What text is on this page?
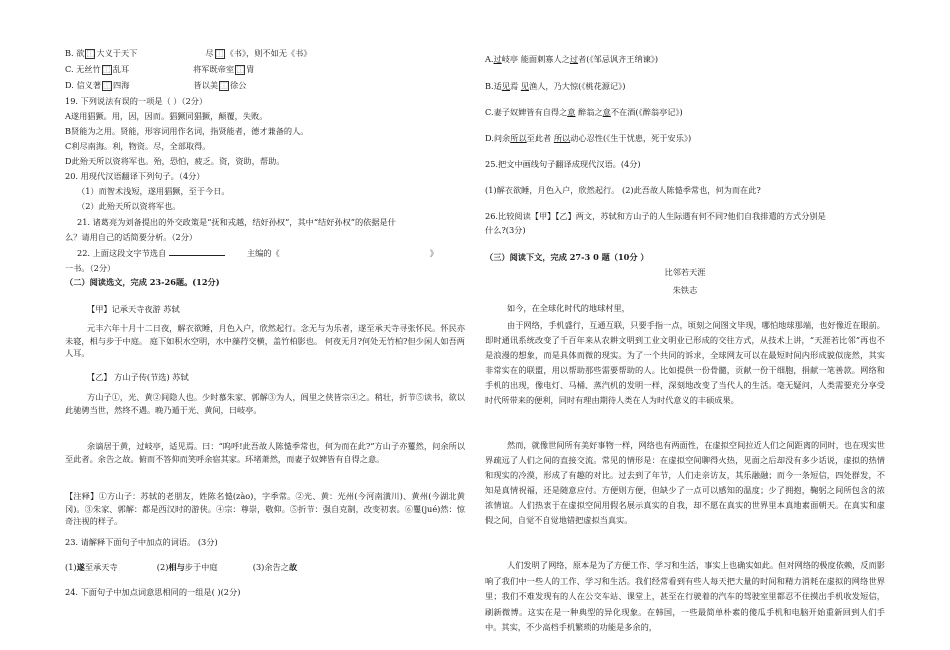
B. 欲 ⿰ 大义于天下	尽 ⿰ 《书》，则不如无《书》
C. 无丝竹 ⿰ 乱耳	将军既帝室 ⿰ 胄
D. 信义著 ⿰ 四海	皆以美 ⿰ 徐公
19. 下列说法有误的一项是（ ）（2分）
A遂用猖獗。用，因，因而。猖獗同猖獗，颠覆，失败。
B贤能为之用。贤能，形容词用作名词，指贤能者，德才兼备的人。
C利尽南海。利，物资。尽，全部取得。
D此殆天所以资将军也。殆，恐怕，疲乏。资，资助，帮助。
20. 用现代汉语翻译下列句子。（4分）
（1）而智术浅短，遂用猖獗，至于今日。
（2）此殆天所以资将军也。
21. 诸葛亮为刘备提出的外交政策是“抚和戎越，结好孙权”，其中“结好孙权”的依据是什
么？请用自己的话简要分析。（2分）
22. 上面这段文字节选自	主编的《	》
一书。（2分）
（二）阅读选文，完成 23-26题。(12分)
【甲】记承天寺夜游 苏轼
元丰六年十月十二日夜，解衣欲睡，月色入户，欣然起行。念无与为乐者，遂至承天寺寻张怀民。怀民亦未寝，相与步于中庭。 庭下如积水空明，水中藻荇交横，盖竹柏影也。 何夜无月?何处无竹柏?但少闲人如吾两人耳。
【乙】 方山子传(节选) 苏轼
方山子①，光、黄②间隐人也。少时慕朱家、郭解③为人，闾里之侠皆宗④之。稍壮，折节⑤读书，欲以此驰骋当世，然终不遇。晚乃遁于光、黄间，曰岐亭。
余谪居于黄，过岐亭，适见焉。曰：“呜呼!此吾故人陈慥季常也，何为而在此?”方山子亦矍然，问余所以至此者。余告之故。俯而不答仰而笑呼余宿其家。环堵萧然，而妻子奴婢皆有自得之意。
【注释】①方山子：苏轼的老朋友，姓陈名慥(zào)，字季常。②光、黄：光州(今河南潢川)、黄州(今湖北黄冈)。③朱家、郭解：都是西汉时的游侠。④宗：尊崇，敬仰。⑤折节：强自克制，改变初衷。⑥矍(jué)然：惊奇注视的样子。
23. 请解释下面句子中加点的词语。 (3分)
(1)遂至承天寺	(2)相与步于中庭	(3)余告之故
24. 下面句子中加点词意思相同的一组是( )(2分)
A.过岐亭 能面刺寡人之过者(《邹忌讽齐王纳谏》)
B.适见焉 见渔人，乃大惊(《桃花源记》)
C.妻子奴婢皆有自得之意 醉翁之意不在酒(《醉翁亭记》)
D.问余所以至此者 所以动心忍性(《生于忧患，死于安乐》)
25.把文中画线句子翻译成现代汉语。(4分)
(1)解衣欲睡，月色入户，欣然起行。 (2)此吾故人陈慥季常也，何为而在此?
26.比较阅读【甲】【乙】两文，苏轼和方山子的人生际遇有何不同?他们自我排遣的方式分别是
什么?(3分)
（三）阅读下文，完成 27-3 0 题（10分 ）
比邻若天涯
朱铁志
如今，在全球化时代的地球村里，
由于网络，手机盛行，互通互联，只要手指一点，顷刻之间图文毕现，哪怕地球那端，也好像近在眼前。即时通讯系统改变了千百年来从农耕文明到工业文明业已形成的交往方式，从技术上讲，“天涯若比邻”再也不是浪漫的想象，而是具体而微的现实。为了一个共同的诉求，全球网友可以在最短时间内形成貌似庞然，其实非常实在的联盟，用以帮助那些需要帮助的人。比如提供一份骨髓，贡献一份干细胞，捐献一笔善款。网络和手机的出现，像电灯、马桶、蒸汽机的发明一样，深刻地改变了当代人的生活。毫无疑问，人类需要充分享受时代所带来的便利，同时有理由期待人类在人为时代意义的丰硕成果。
然而，就像世间所有美好事物一样，网络也有两面性，在虚拟空间拉近人们之间距离的同时，也在现实世界疏远了人们之间的直接交流。常见的情形是：在虚拟空间聊得火热，见面之后却没有多少话说，虚拟的热情和现实的冷漠，形成了有趣的对比。过去到了年节，人们走亲访友，其乐融融；而今一条短信，四处群发，不知是真情祝福，还是随意应付。方便则方便，但缺少了一点可以感知的温度；少了拥抱，鞠躬之间所包含的浓浓情谊。人们热衷于在虚拟空间用假名展示真实的自我，却不愿在真实的世界里本真地素面朝天。在真实和虚假之间，自觉不自觉地错把虚拟当真实。
人们发明了网络，原本是为了方便工作、学习和生活，事实上也确实如此。但对网络的极度依赖，反而影响了我们中一些人的工作、学习和生活。我们经常看到有些人每天把大量的时间和精力消耗在虚拟的网络世界里；我们不难发现有的人在公交车站、课堂上，甚至在行驶着的汽车的驾驶室里都忍不住摸出手机收发短信，刷新微博。这实在是一种典型的异化现象。在韩国，一些最简单朴素的傻瓜手机和电脑开始重新回到人们手中。其实，不少高档手机繁琐的功能是多余的，
